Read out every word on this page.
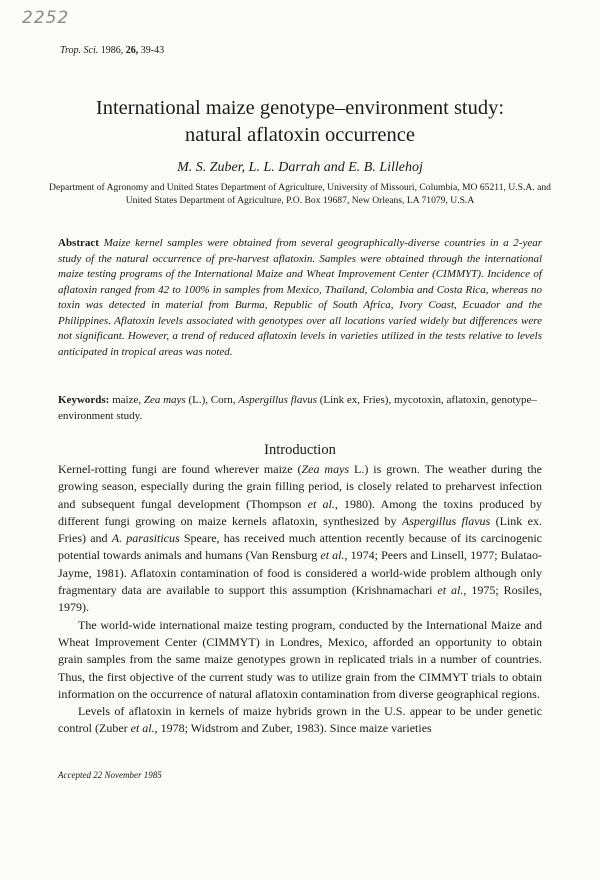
2252
Trop. Sci. 1986, 26, 39-43
International maize genotype–environment study:
natural aflatoxin occurrence
M. S. Zuber, L. L. Darrah and E. B. Lillehoj
Department of Agronomy and United States Department of Agriculture, University of Missouri, Columbia, MO 65211, U.S.A. and United States Department of Agriculture, P.O. Box 19687, New Orleans, LA 71079, U.S.A
Abstract Maize kernel samples were obtained from several geographically-diverse countries in a 2-year study of the natural occurrence of pre-harvest aflatoxin. Samples were obtained through the international maize testing programs of the International Maize and Wheat Improvement Center (CIMMYT). Incidence of aflatoxin ranged from 42 to 100% in samples from Mexico, Thailand, Colombia and Costa Rica, whereas no toxin was detected in material from Burma, Republic of South Africa, Ivory Coast, Ecuador and the Philippines. Aflatoxin levels associated with genotypes over all locations varied widely but differences were not significant. However, a trend of reduced aflatoxin levels in varieties utilized in the tests relative to levels anticipated in tropical areas was noted.
Keywords: maize, Zea mays (L.), Corn, Aspergillus flavus (Link ex, Fries), mycotoxin, aflatoxin, genotype–environment study.
Introduction

Kernel-rotting fungi are found wherever maize (Zea mays L.) is grown. The weather during the growing season, especially during the grain filling period, is closely related to preharvest infection and subsequent fungal development (Thompson et al., 1980). Among the toxins produced by different fungi growing on maize kernels aflatoxin, synthesized by Aspergillus flavus (Link ex. Fries) and A. parasiticus Speare, has received much attention recently because of its carcinogenic potential towards animals and humans (Van Rensburg et al., 1974; Peers and Linsell, 1977; Bulatao-Jayme, 1981). Aflatoxin contamination of food is considered a world-wide problem although only fragmentary data are available to support this assumption (Krishnamachari et al., 1975; Rosiles, 1979).

The world-wide international maize testing program, conducted by the International Maize and Wheat Improvement Center (CIMMYT) in Londres, Mexico, afforded an opportunity to obtain grain samples from the same maize genotypes grown in replicated trials in a number of countries. Thus, the first objective of the current study was to utilize grain from the CIMMYT trials to obtain information on the occurrence of natural aflatoxin contamination from diverse geographical regions.

Levels of aflatoxin in kernels of maize hybrids grown in the U.S. appear to be under genetic control (Zuber et al., 1978; Widstrom and Zuber, 1983). Since maize varieties

Accepted 22 November 1985
